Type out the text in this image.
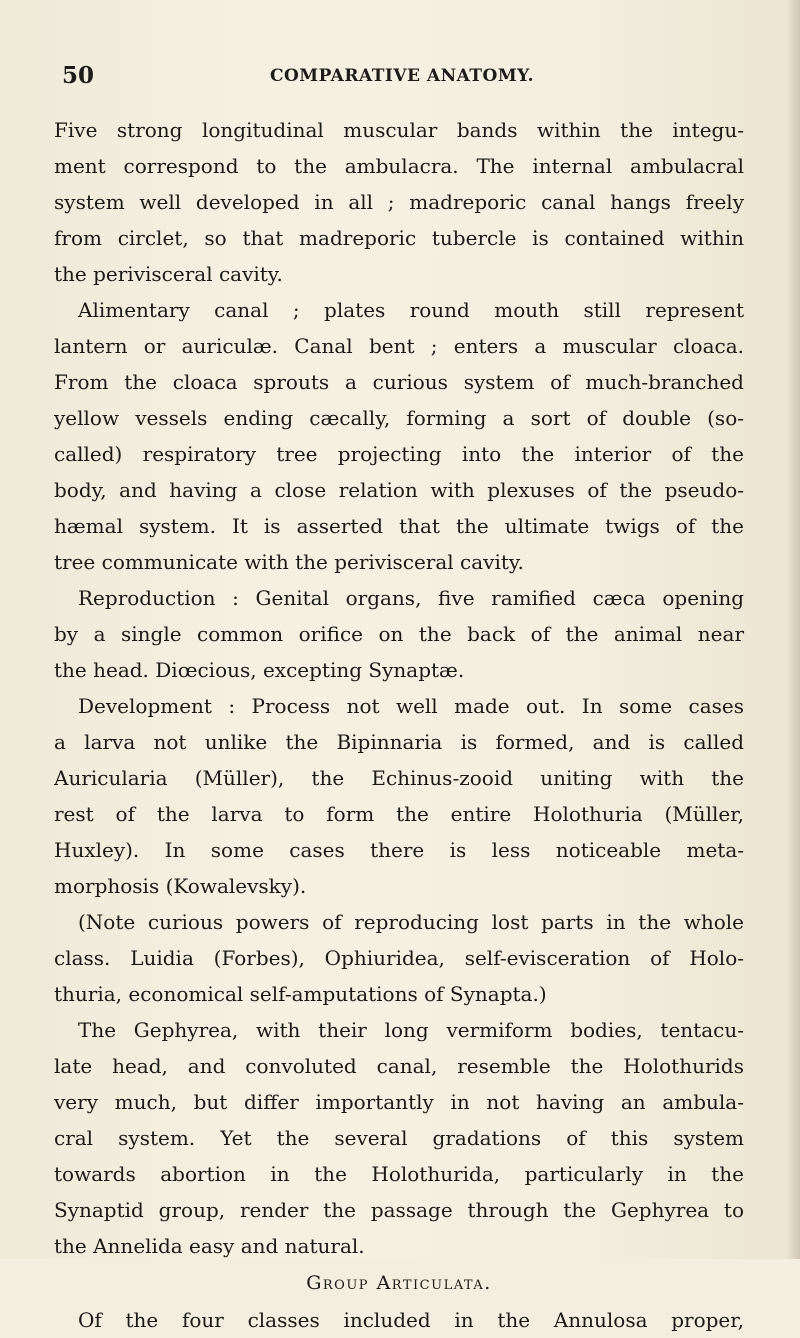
50	COMPARATIVE ANATOMY.
Five strong longitudinal muscular bands within the integu-
ment correspond to the ambulacra. The internal ambulacral
system well developed in all ; madreporic canal hangs freely
from circlet, so that madreporic tubercle is contained within
the perivisceral cavity.
Alimentary canal ; plates round mouth still represent
lantern or auriculæ. Canal bent ; enters a muscular cloaca.
From the cloaca sprouts a curious system of much-branched
yellow vessels ending cæcally, forming a sort of double (so-
called) respiratory tree projecting into the interior of the
body, and having a close relation with plexuses of the pseudo-
hæmal system. It is asserted that the ultimate twigs of the
tree communicate with the perivisceral cavity.
Reproduction : Genital organs, five ramified cæca opening
by a single common orifice on the back of the animal near
the head. Diœcious, excepting Synaptæ.
Development : Process not well made out. In some cases
a larva not unlike the Bipinnaria is formed, and is called
Auricularia (Müller), the Echinus-zooid uniting with the
rest of the larva to form the entire Holothuria (Müller,
Huxley). In some cases there is less noticeable meta-
morphosis (Kowalevsky).
(Note curious powers of reproducing lost parts in the whole
class. Luidia (Forbes), Ophiuridea, self-evisceration of Holo-
thuria, economical self-amputations of Synapta.)
The Gephyrea, with their long vermiform bodies, tentacu-
late head, and convoluted canal, resemble the Holothurids
very much, but differ importantly in not having an ambula-
cral system. Yet the several gradations of this system
towards abortion in the Holothurida, particularly in the
Synaptid group, render the passage through the Gephyrea to
the Annelida easy and natural.
Group Articulata.
Of the four classes included in the Annulosa proper,
